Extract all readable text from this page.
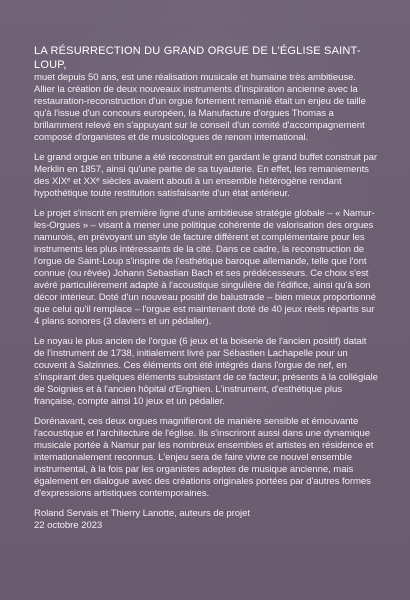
LA RÉSURRECTION DU GRAND ORGUE DE L'ÉGLISE SAINT-LOUP,

muet depuis 50 ans, est une réalisation musicale et humaine très ambitieuse. Allier la création de deux nouveaux instruments d'inspiration ancienne avec la restauration-reconstruction d'un orgue fortement remanié était un enjeu de taille qu'à l'issue d'un concours européen, la Manufacture d'orgues Thomas a brillamment relevé en s'appuyant sur le conseil d'un comité d'accompagnement composé d'organistes et de musicologues de renom international.

Le grand orgue en tribune a été reconstruit en gardant le grand buffet construit par Merklin en 1857, ainsi qu'une partie de sa tuyauterie. En effet, les remaniements des XIXᵉ et XXᵉ siècles avaient abouti à un ensemble hétérogène rendant hypothétique toute restitution satisfaisante d'un état antérieur.

Le projet s'inscrit en première ligne d'une ambitieuse stratégie globale – « Namur-les-Orgues » – visant à mener une politique cohérente de valorisation des orgues namurois, en prévoyant un style de facture différent et complémentaire pour les instruments les plus intéressants de la cité. Dans ce cadre, la reconstruction de l'orgue de Saint-Loup s'inspire de l'esthétique baroque allemande, telle que l'ont connue (ou rêvée) Johann Sebastian Bach et ses prédécesseurs. Ce choix s'est avéré particulièrement adapté à l'acoustique singulière de l'édifice, ainsi qu'à son décor intérieur. Doté d'un nouveau positif de balustrade – bien mieux proportionné que celui qu'il remplace – l'orgue est maintenant doté de 40 jeux réels répartis sur 4 plans sonores (3 claviers et un pédalier).

Le noyau le plus ancien de l'orgue (6 jeux et la boiserie de l'ancien positif) datait de l'instrument de 1738, initialement livré par Sébastien Lachapelle pour un couvent à Salzinnes. Ces éléments ont été intégrés dans l'orgue de nef, en s'inspirant des quelques éléments subsistant de ce facteur, présents à la collégiale de Soignies et à l'ancien hôpital d'Enghien. L'instrument, d'esthétique plus française, compte ainsi 10 jeux et un pédalier.

Dorénavant, ces deux orgues magnifieront de manière sensible et émouvante l'acoustique et l'architecture de l'église. Ils s'inscriront aussi dans une dynamique musicale portée à Namur par les nombreux ensembles et artistes en résidence et internationalement reconnus. L'enjeu sera de faire vivre ce nouvel ensemble instrumental, à la fois par les organistes adeptes de musique ancienne, mais également en dialogue avec des créations originales portées par d'autres formes d'expressions artistiques contemporaines.

Roland Servais et Thierry Lanotte, auteurs de projet
22 octobre 2023
